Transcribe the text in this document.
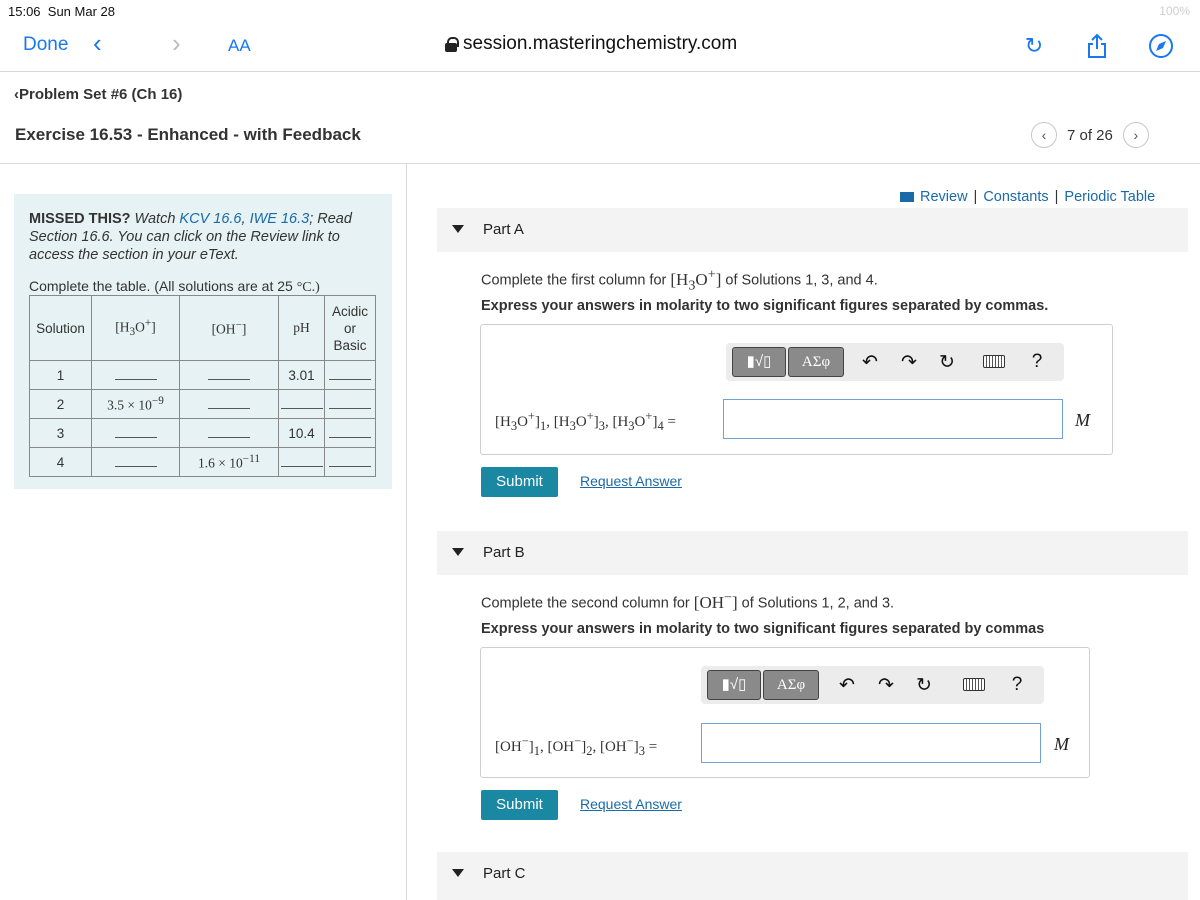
15:06 Sun Mar 28	100%
Done ‹	›	AA	session.masteringchemistry.com	↻
‹Problem Set #6 (Ch 16)
Exercise 16.53 - Enhanced - with Feedback	‹	7 of 26	›
MISSED THIS? Watch KCV 16.6, IWE 16.3; Read Section 16.6. You can click on the Review link to access the section in your eText.
Complete the table. (All solutions are at 25 °C.)
Solution	$[H_3O^+]$	[OH−]	pH	Acidic
or
Basic
1			3.01	
2	$3.5 \times 10^{-9}$			
3			10.4	
4		$1.6 \times 10^{-11}$		
Review | Constants | Periodic Table
Part A
Complete the first column for $[H_3O^+]$ of Solutions 1, 3, and 4.
Express your answers in molarity to two significant figures separated by commas.
▮√▯	ΑΣφ	↶ ↷ ↻	?
$[H_3O^+]_1$, $[H_3O^+]_3$, $[H_3O^+]_4$ =	M
Submit	Request Answer
Part B
Complete the second column for [OH−] of Solutions 1, 2, and 3.
Express your answers in molarity to two significant figures separated by commas
▮√▯	ΑΣφ	↶ ↷ ↻	?
$[OH^-]_1$, $[OH^-]_2$, $[OH^-]_3$ =	M
Submit	Request Answer
Part C
